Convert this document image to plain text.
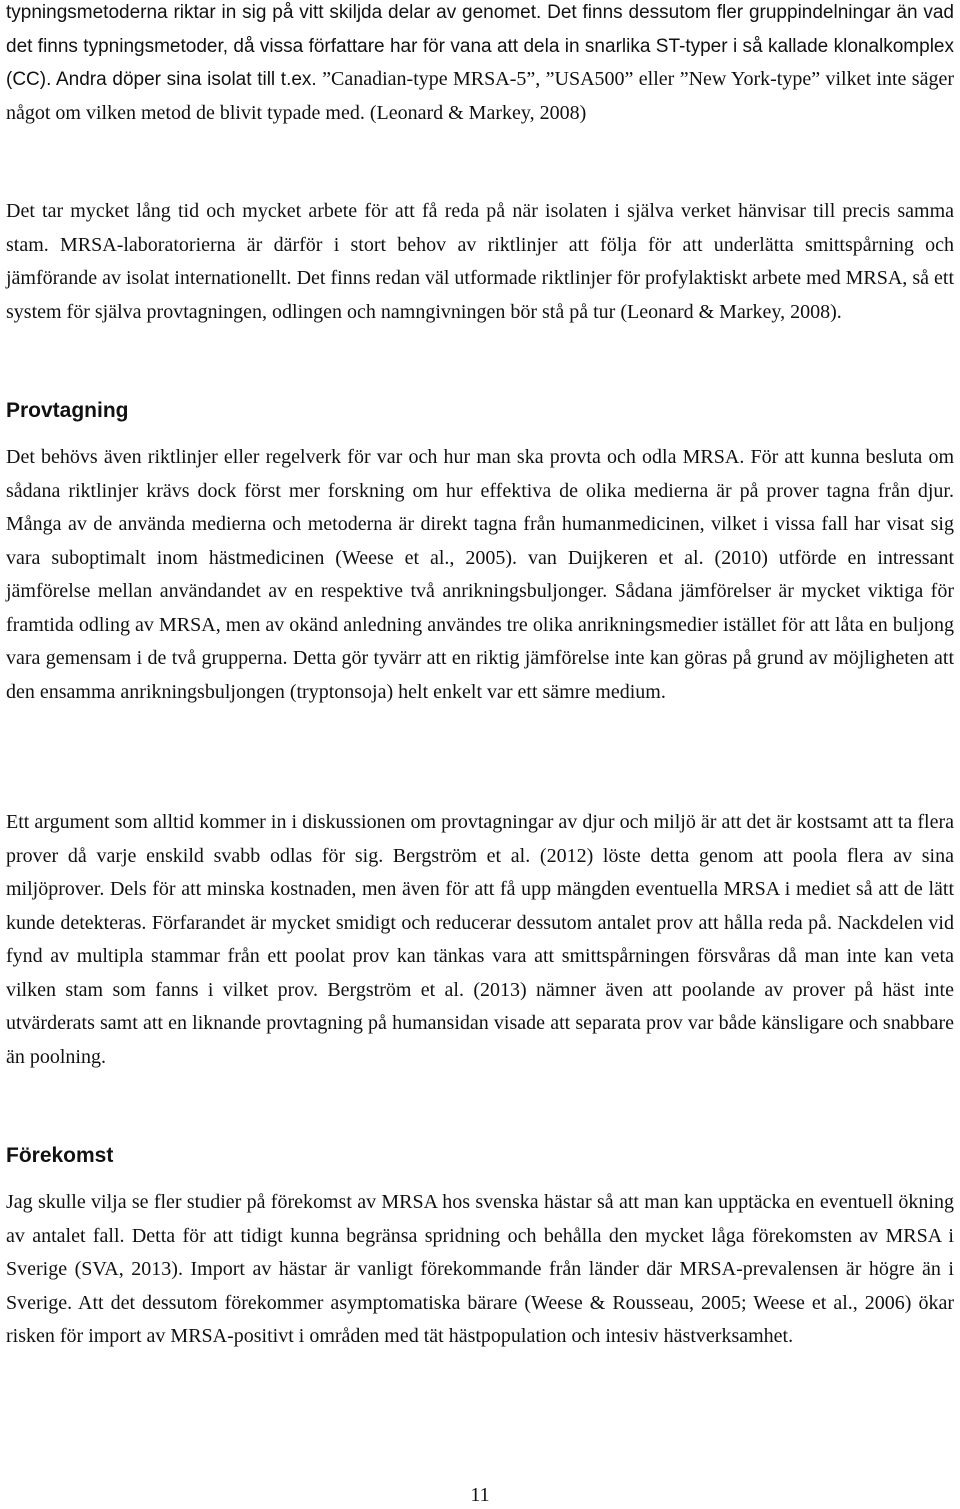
typningsmetoderna riktar in sig på vitt skiljda delar av genomet. Det finns dessutom fler gruppindelningar än vad det finns typningsmetoder, då vissa författare har för vana att dela in snarlika ST-typer i så kallade klonalkomplex (CC). Andra döper sina isolat till t.ex. ”Canadian-type MRSA-5”, ”USA500” eller ”New York-type” vilket inte säger något om vilken metod de blivit typade med. (Leonard & Markey, 2008)

Det tar mycket lång tid och mycket arbete för att få reda på när isolaten i själva verket hänvisar till precis samma stam. MRSA-laboratorierna är därför i stort behov av riktlinjer att följa för att underlätta smittspårning och jämförande av isolat internationellt. Det finns redan väl utformade riktlinjer för profylaktiskt arbete med MRSA, så ett system för själva provtagningen, odlingen och namngivningen bör stå på tur (Leonard & Markey, 2008).

Provtagning

Det behövs även riktlinjer eller regelverk för var och hur man ska provta och odla MRSA. För att kunna besluta om sådana riktlinjer krävs dock först mer forskning om hur effektiva de olika medierna är på prover tagna från djur. Många av de använda medierna och metoderna är direkt tagna från humanmedicinen, vilket i vissa fall har visat sig vara suboptimalt inom hästmedicinen (Weese et al., 2005). van Duijkeren et al. (2010) utförde en intressant jämförelse mellan användandet av en respektive två anrikningsbuljonger. Sådana jämförelser är mycket viktiga för framtida odling av MRSA, men av okänd anledning användes tre olika anrikningsmedier istället för att låta en buljong vara gemensam i de två grupperna. Detta gör tyvärr att en riktig jämförelse inte kan göras på grund av möjligheten att den ensamma anrikningsbuljongen (tryptonsoja) helt enkelt var ett sämre medium.

Ett argument som alltid kommer in i diskussionen om provtagningar av djur och miljö är att det är kostsamt att ta flera prover då varje enskild svabb odlas för sig. Bergström et al. (2012) löste detta genom att poola flera av sina miljöprover. Dels för att minska kostnaden, men även för att få upp mängden eventuella MRSA i mediet så att de lätt kunde detekteras. Förfarandet är mycket smidigt och reducerar dessutom antalet prov att hålla reda på. Nackdelen vid fynd av multipla stammar från ett poolat prov kan tänkas vara att smittspårningen försvåras då man inte kan veta vilken stam som fanns i vilket prov. Bergström et al. (2013) nämner även att poolande av prover på häst inte utvärderats samt att en liknande provtagning på humansidan visade att separata prov var både känsligare och snabbare än poolning.

Förekomst

Jag skulle vilja se fler studier på förekomst av MRSA hos svenska hästar så att man kan upptäcka en eventuell ökning av antalet fall. Detta för att tidigt kunna begränsa spridning och behålla den mycket låga förekomsten av MRSA i Sverige (SVA, 2013). Import av hästar är vanligt förekommande från länder där MRSA-prevalensen är högre än i Sverige. Att det dessutom förekommer asymptomatiska bärare (Weese & Rousseau, 2005; Weese et al., 2006) ökar risken för import av MRSA-positivt i områden med tät hästpopulation och intesiv hästverksamhet.

11
